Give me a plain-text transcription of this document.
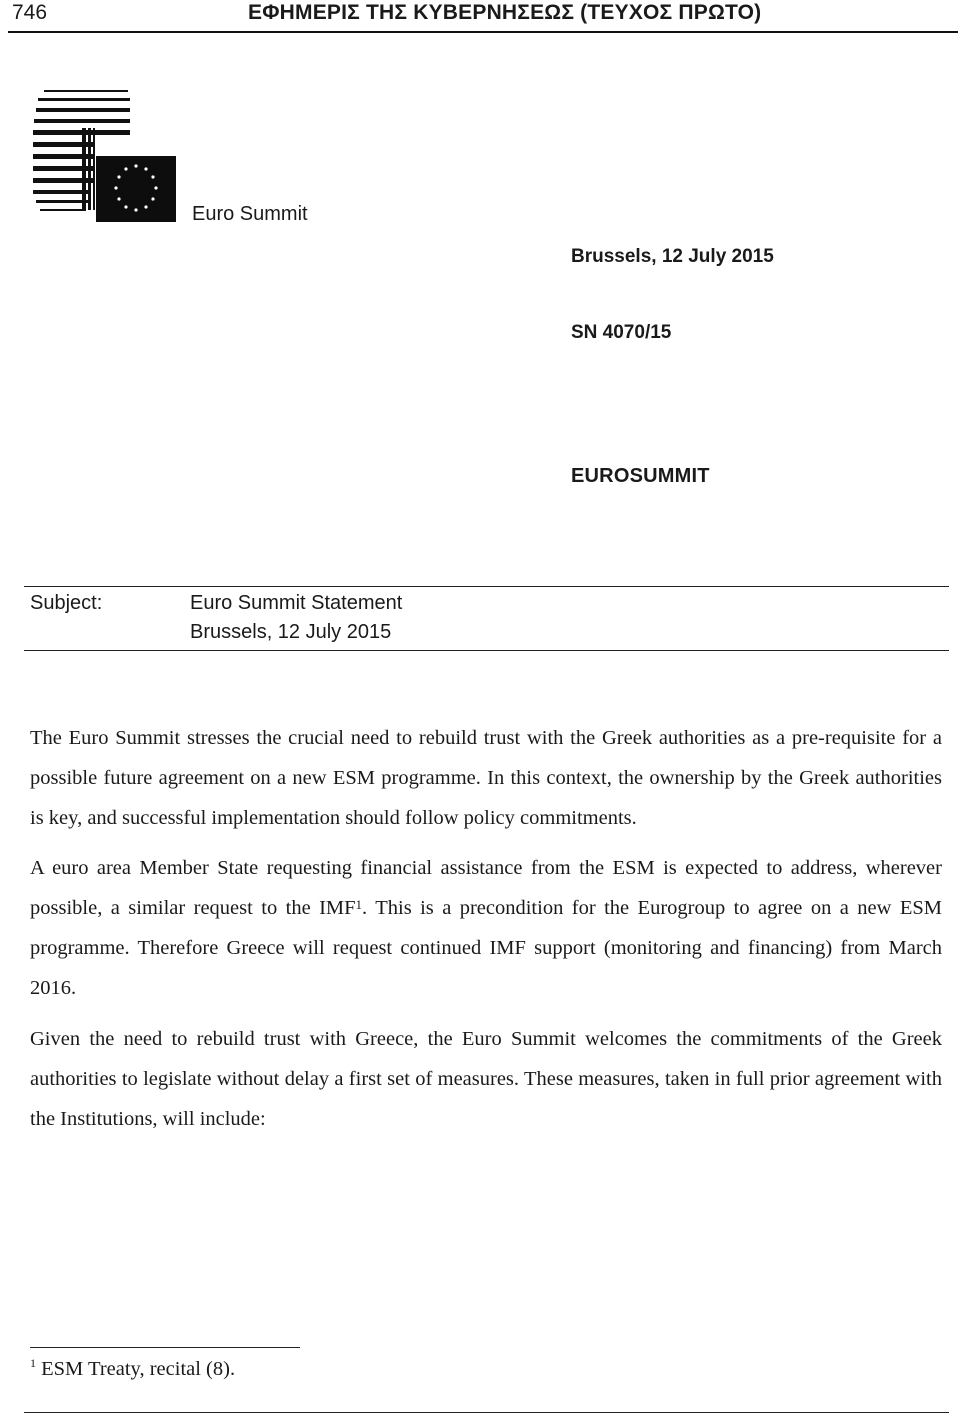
746	ΕΦΗΜΕΡΙΣ ΤΗΣ ΚΥΒΕΡΝΗΣΕΩΣ (ΤΕΥΧΟΣ ΠΡΩΤΟ)
Euro Summit
Brussels, 12 July 2015
SN 4070/15
EUROSUMMIT
Subject:	Euro Summit Statement
Brussels, 12 July 2015

The Euro Summit stresses the crucial need to rebuild trust with the Greek authorities as a pre-requisite for a possible future agreement on a new ESM programme. In this context, the ownership by the Greek authorities is key, and successful implementation should follow policy commitments.

A euro area Member State requesting financial assistance from the ESM is expected to address, wherever possible, a similar request to the IMF$^1$. This is a precondition for the Eurogroup to agree on a new ESM programme. Therefore Greece will request continued IMF support (monitoring and financing) from March 2016.

Given the need to rebuild trust with Greece, the Euro Summit welcomes the commitments of the Greek authorities to legislate without delay a first set of measures. These measures, taken in full prior agreement with the Institutions, will include:

$^1$ ESM Treaty, recital (8).
